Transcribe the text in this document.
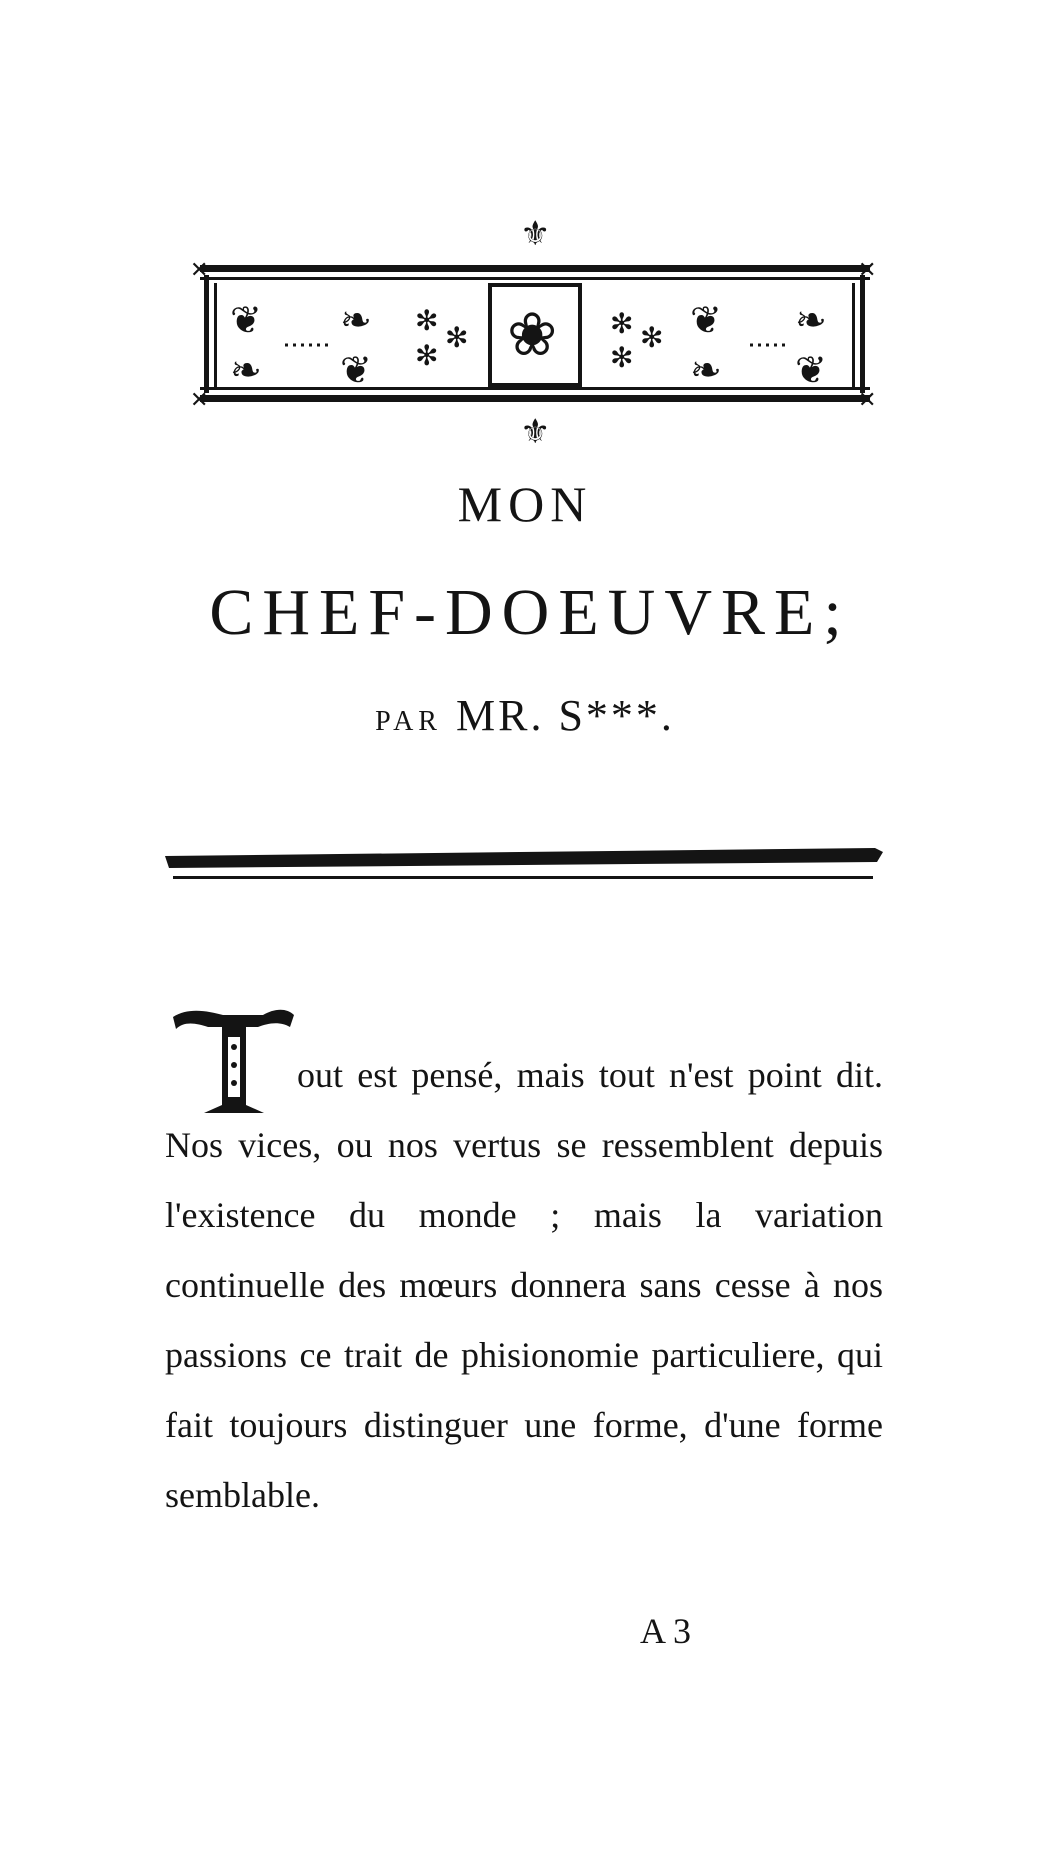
✕	✕
✕	✕
⚜
⚜
❀
❦
❧
❧
❦
✻
✻
✻	✻
✻
✻ ❦
❧
❧
❦
MON
CHEF-DOEUVRE;
PAR MR. S***.
out est pensé, mais tout n'est point dit. Nos vices, ou nos vertus se ressemblent depuis l'existence du monde ; mais la variation continuelle des mœurs donnera sans cesse à nos passions ce trait de phisionomie particuliere, qui fait toujours distinguer une forme, d'une forme semblable.
A 3
